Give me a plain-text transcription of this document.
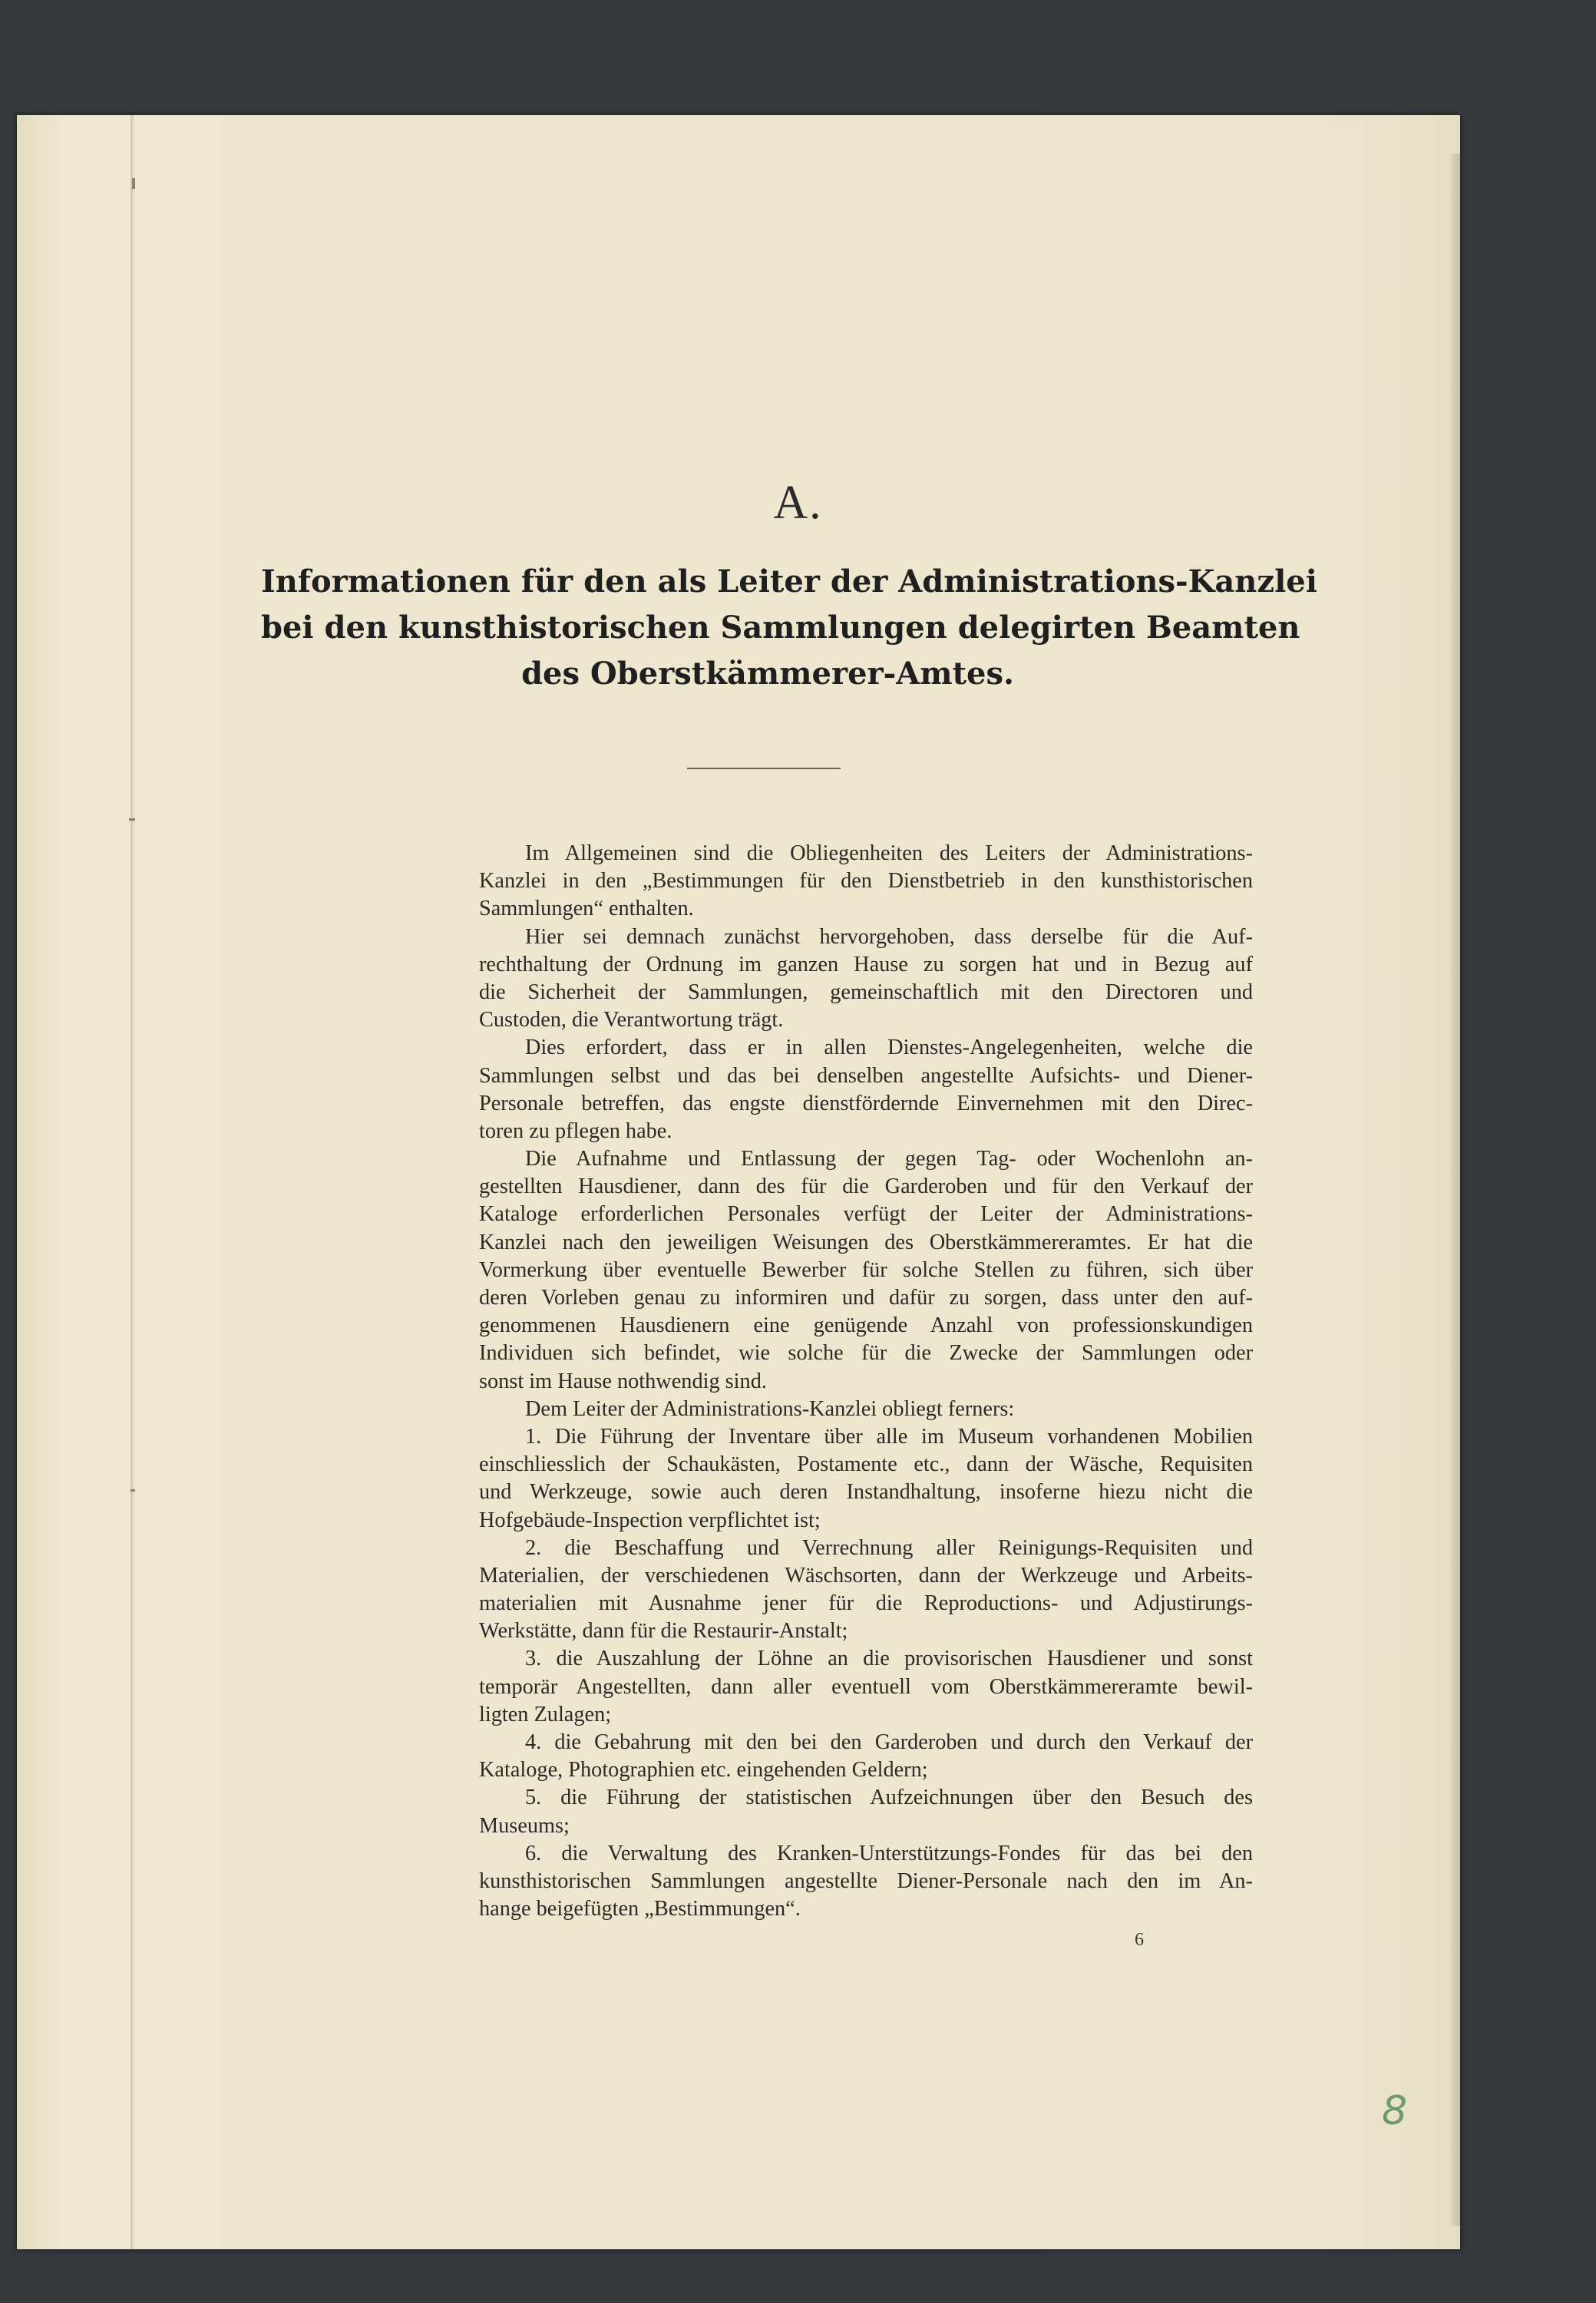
A.
Informationen für den als Leiter der Administrations-Kanzlei
bei den kunsthistorischen Sammlungen delegirten Beamten
des Oberstkämmerer-Amtes.
Im Allgemeinen sind die Obliegenheiten des Leiters der Administrations-
Kanzlei in den „Bestimmungen für den Dienstbetrieb in den kunsthistorischen
Sammlungen“ enthalten.
Hier sei demnach zunächst hervorgehoben, dass derselbe für die Auf-
rechthaltung der Ordnung im ganzen Hause zu sorgen hat und in Bezug auf
die Sicherheit der Sammlungen, gemeinschaftlich mit den Directoren und
Custoden, die Verantwortung trägt.
Dies erfordert, dass er in allen Dienstes-Angelegenheiten, welche die
Sammlungen selbst und das bei denselben angestellte Aufsichts- und Diener-
Personale betreffen, das engste dienstfördernde Einvernehmen mit den Direc-
toren zu pflegen habe.
Die Aufnahme und Entlassung der gegen Tag- oder Wochenlohn an-
gestellten Hausdiener, dann des für die Garderoben und für den Verkauf der
Kataloge erforderlichen Personales verfügt der Leiter der Administrations-
Kanzlei nach den jeweiligen Weisungen des Oberstkämmereramtes. Er hat die
Vormerkung über eventuelle Bewerber für solche Stellen zu führen, sich über
deren Vorleben genau zu informiren und dafür zu sorgen, dass unter den auf-
genommenen Hausdienern eine genügende Anzahl von professionskundigen
Individuen sich befindet, wie solche für die Zwecke der Sammlungen oder
sonst im Hause nothwendig sind.
Dem Leiter der Administrations-Kanzlei obliegt ferners:
1. Die Führung der Inventare über alle im Museum vorhandenen Mobilien
einschliesslich der Schaukästen, Postamente etc., dann der Wäsche, Requisiten
und Werkzeuge, sowie auch deren Instandhaltung, insoferne hiezu nicht die
Hofgebäude-Inspection verpflichtet ist;
2. die Beschaffung und Verrechnung aller Reinigungs-Requisiten und
Materialien, der verschiedenen Wäschsorten, dann der Werkzeuge und Arbeits-
materialien mit Ausnahme jener für die Reproductions- und Adjustirungs-
Werkstätte, dann für die Restaurir-Anstalt;
3. die Auszahlung der Löhne an die provisorischen Hausdiener und sonst
temporär Angestellten, dann aller eventuell vom Oberstkämmereramte bewil-
ligten Zulagen;
4. die Gebahrung mit den bei den Garderoben und durch den Verkauf der
Kataloge, Photographien etc. eingehenden Geldern;
5. die Führung der statistischen Aufzeichnungen über den Besuch des
Museums;
6. die Verwaltung des Kranken-Unterstützungs-Fondes für das bei den
kunsthistorischen Sammlungen angestellte Diener-Personale nach den im An-
hange beigefügten „Bestimmungen“.
6
8
